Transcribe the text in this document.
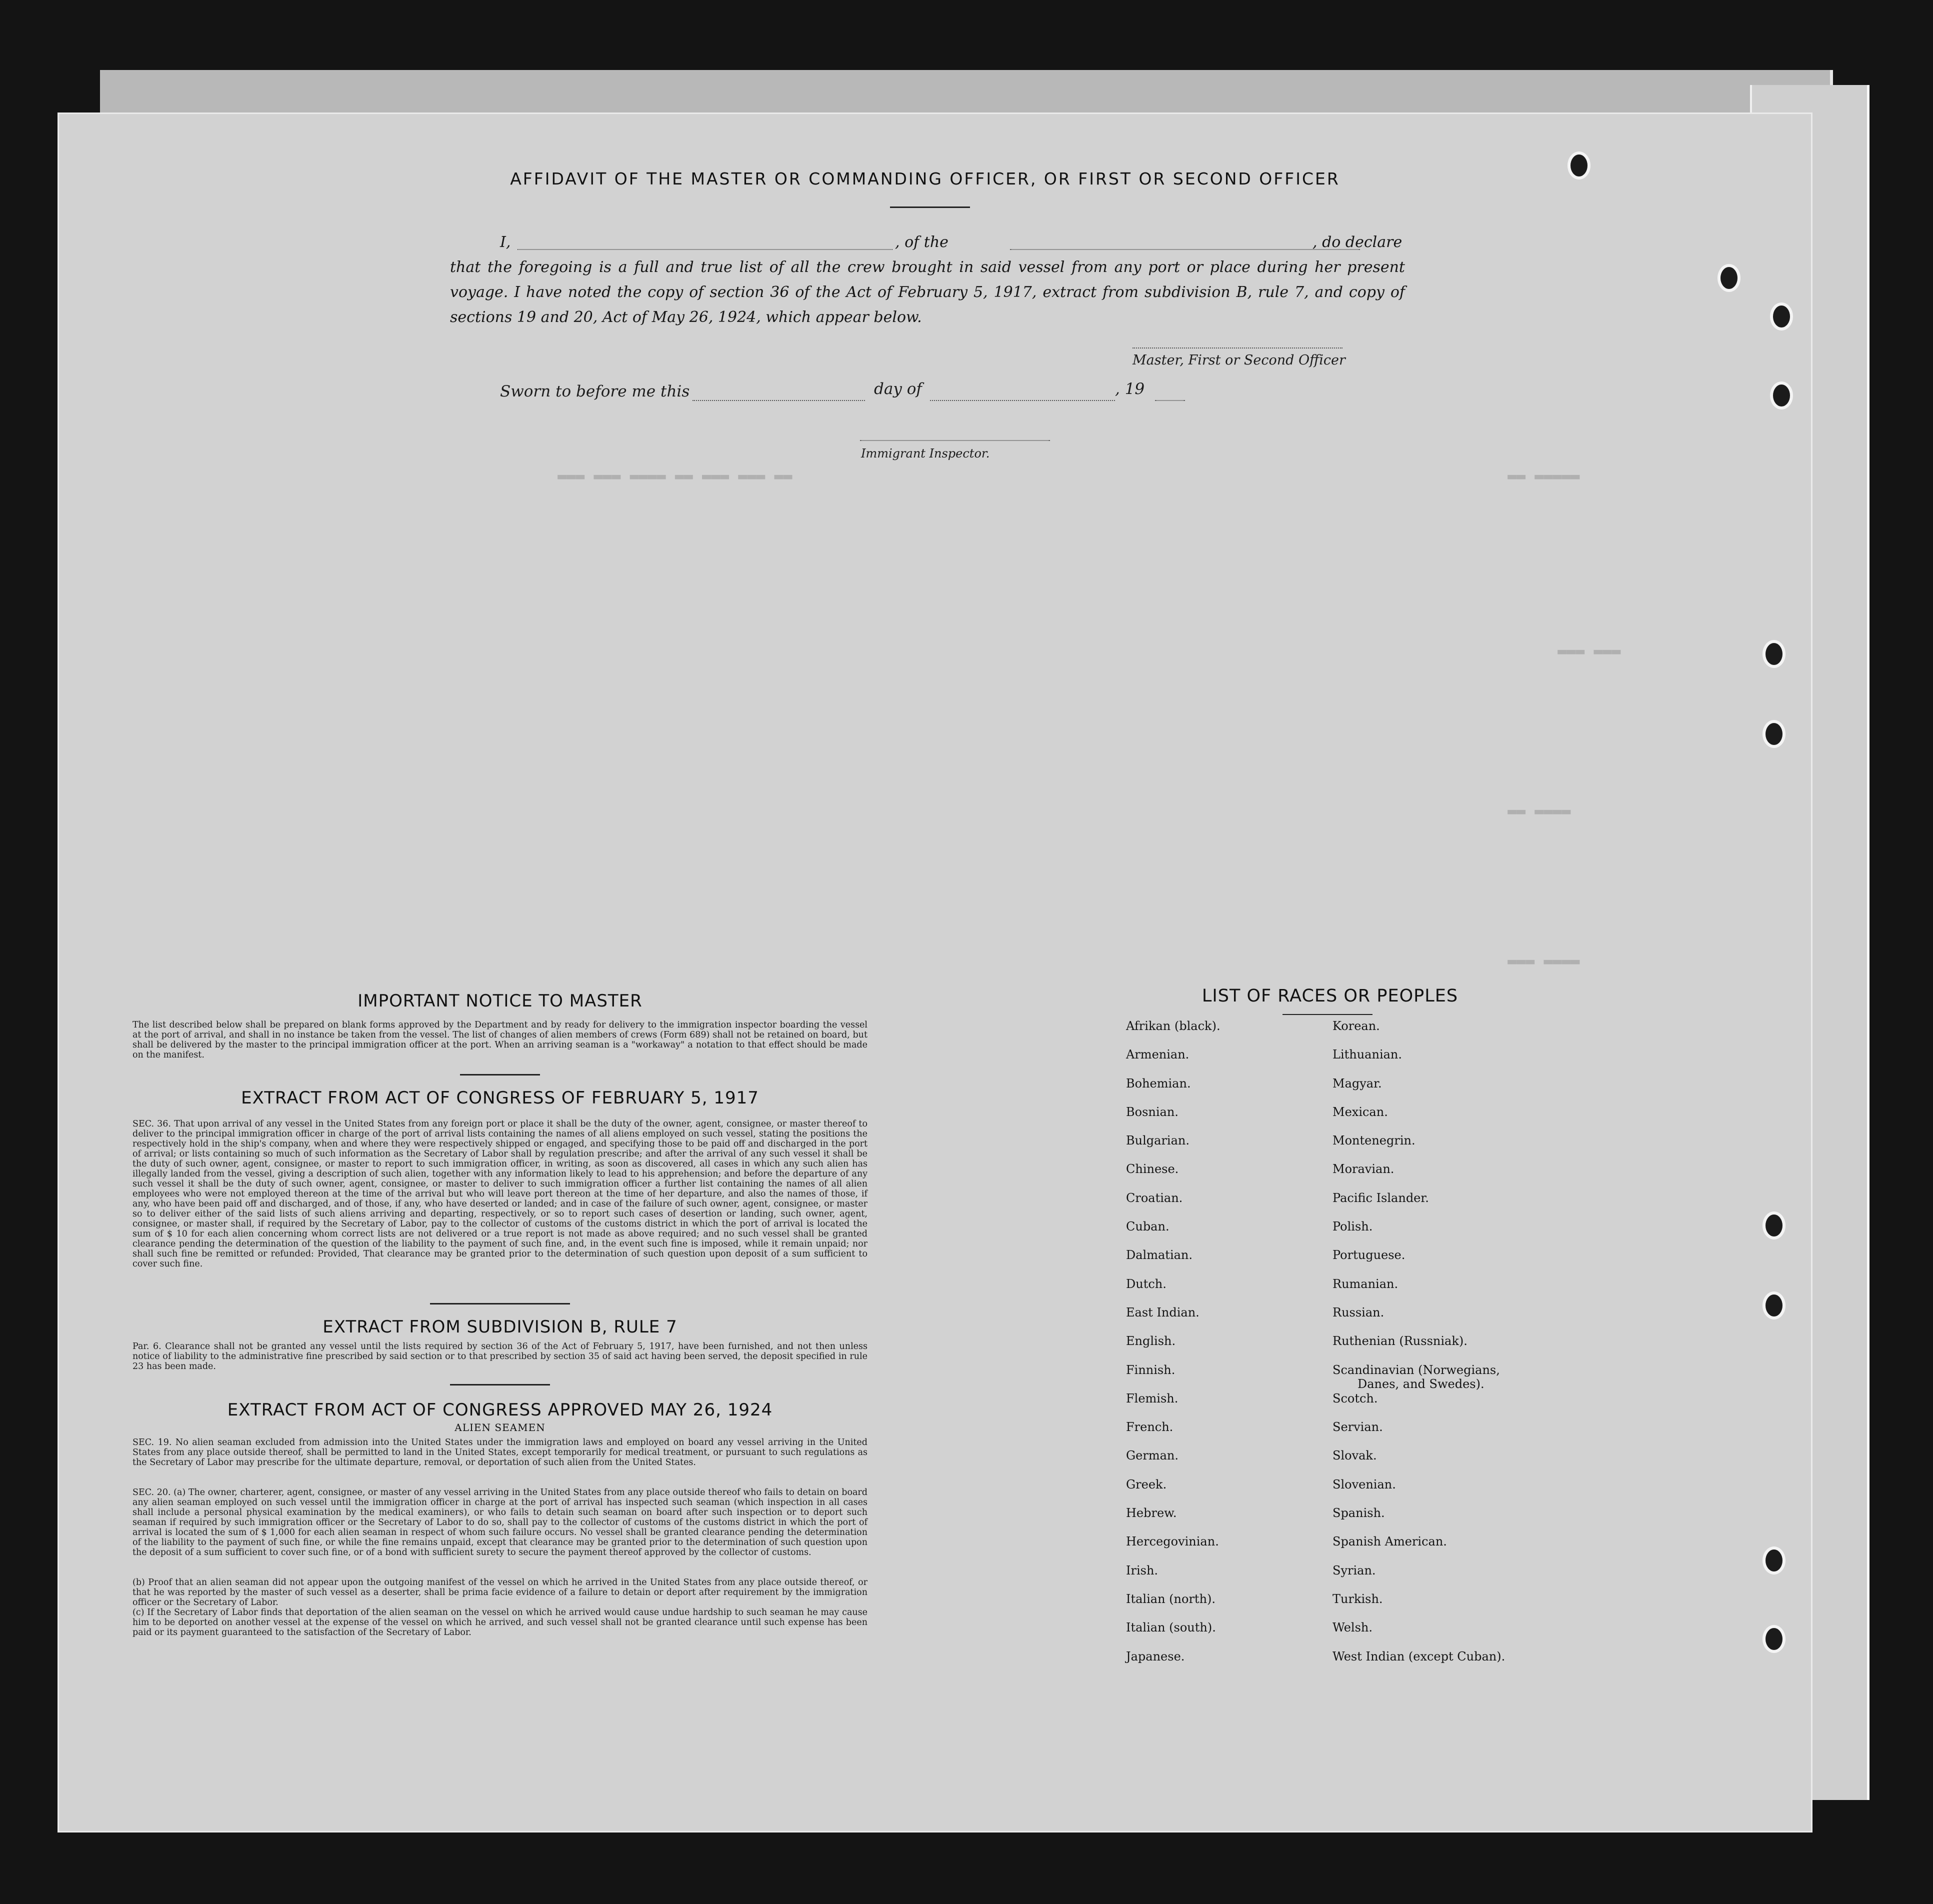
▬▬ ▬▬▬ ▬▬▬ ▬▬ ▬▬▬▬ ▬▬▬ ▬▬▬	▬▬▬▬▬ ▬▬
▬▬▬ ▬▬▬
▬▬▬▬ ▬▬
▬▬▬▬ ▬▬▬
AFFIDAVIT OF THE MASTER OR COMMANDING OFFICER, OR FIRST OR SECOND OFFICER
I,	, of the	, do declare
that the foregoing is a full and true list of all the crew brought in said vessel from any port or place during her present voyage. I have noted the copy of section 36 of the Act of February 5, 1917, extract from subdivision B, rule 7, and copy of sections 19 and 20, Act of May 26, 1924, which appear below.
Master, First or Second Officer
Sworn to before me this	day of	, 19
Immigrant Inspector.
IMPORTANT NOTICE TO MASTER
The list described below shall be prepared on blank forms approved by the Department and by ready for delivery to the immigration inspector boarding the vessel at the port of arrival, and shall in no instance be taken from the vessel. The list of changes of alien members of crews (Form 689) shall not be retained on board, but shall be delivered by the master to the principal immigration officer at the port. When an arriving seaman is a "workaway" a notation to that effect should be made on the manifest.
EXTRACT FROM ACT OF CONGRESS OF FEBRUARY 5, 1917
SEC. 36. That upon arrival of any vessel in the United States from any foreign port or place it shall be the duty of the owner, agent, consignee, or master thereof to deliver to the principal immigration officer in charge of the port of arrival lists containing the names of all aliens employed on such vessel, stating the positions the respectively hold in the ship's company, when and where they were respectively shipped or engaged, and specifying those to be paid off and discharged in the port of arrival; or lists containing so much of such information as the Secretary of Labor shall by regulation prescribe; and after the arrival of any such vessel it shall be the duty of such owner, agent, consignee, or master to report to such immigration officer, in writing, as soon as discovered, all cases in which any such alien has illegally landed from the vessel, giving a description of such alien, together with any information likely to lead to his apprehension; and before the departure of any such vessel it shall be the duty of such owner, agent, consignee, or master to deliver to such immigration officer a further list containing the names of all alien employees who were not employed thereon at the time of the arrival but who will leave port thereon at the time of her departure, and also the names of those, if any, who have been paid off and discharged, and of those, if any, who have deserted or landed; and in case of the failure of such owner, agent, consignee, or master so to deliver either of the said lists of such aliens arriving and departing, respectively, or so to report such cases of desertion or landing, such owner, agent, consignee, or master shall, if required by the Secretary of Labor, pay to the collector of customs of the customs district in which the port of arrival is located the sum of $ 10 for each alien concerning whom correct lists are not delivered or a true report is not made as above required; and no such vessel shall be granted clearance pending the determination of the question of the liability to the payment of such fine, and, in the event such fine is imposed, while it remain unpaid; nor shall such fine be remitted or refunded: Provided, That clearance may be granted prior to the determination of such question upon deposit of a sum sufficient to cover such fine.
EXTRACT FROM SUBDIVISION B, RULE 7
Par. 6. Clearance shall not be granted any vessel until the lists required by section 36 of the Act of February 5, 1917, have been furnished, and not then unless notice of liability to the administrative fine prescribed by said section or to that prescribed by section 35 of said act having been served, the deposit specified in rule 23 has been made.
EXTRACT FROM ACT OF CONGRESS APPROVED MAY 26, 1924
ALIEN SEAMEN
SEC. 19. No alien seaman excluded from admission into the United States under the immigration laws and employed on board any vessel arriving in the United States from any place outside thereof, shall be permitted to land in the United States, except temporarily for medical treatment, or pursuant to such regulations as the Secretary of Labor may prescribe for the ultimate departure, removal, or deportation of such alien from the United States.
SEC. 20. (a) The owner, charterer, agent, consignee, or master of any vessel arriving in the United States from any place outside thereof who fails to detain on board any alien seaman employed on such vessel until the immigration officer in charge at the port of arrival has inspected such seaman (which inspection in all cases shall include a personal physical examination by the medical examiners), or who fails to detain such seaman on board after such inspection or to deport such seaman if required by such immigration officer or the Secretary of Labor to do so, shall pay to the collector of customs of the customs district in which the port of arrival is located the sum of $ 1,000 for each alien seaman in respect of whom such failure occurs. No vessel shall be granted clearance pending the determination of the liability to the payment of such fine, or while the fine remains unpaid, except that clearance may be granted prior to the determination of such question upon the deposit of a sum sufficient to cover such fine, or of a bond with sufficient surety to secure the payment thereof approved by the collector of customs.
(b) Proof that an alien seaman did not appear upon the outgoing manifest of the vessel on which he arrived in the United States from any place outside thereof, or that he was reported by the master of such vessel as a deserter, shall be prima facie evidence of a failure to detain or deport after requirement by the immigration officer or the Secretary of Labor.
(c) If the Secretary of Labor finds that deportation of the alien seaman on the vessel on which he arrived would cause undue hardship to such seaman he may cause him to be deported on another vessel at the expense of the vessel on which he arrived, and such vessel shall not be granted clearance until such expense has been paid or its payment guaranteed to the satisfaction of the Secretary of Labor.
LIST OF RACES OR PEOPLES
Afrikan (black).
Armenian.
Bohemian.
Bosnian.
Bulgarian.
Chinese.
Croatian.
Cuban.
Dalmatian.
Dutch.
East Indian.
English.
Finnish.
Flemish.
French.
German.
Greek.
Hebrew.
Hercegovinian.
Irish.
Italian (north).
Italian (south).
Japanese.
Korean.
Lithuanian.
Magyar.
Mexican.
Montenegrin.
Moravian.
Pacific Islander.
Polish.
Portuguese.
Rumanian.
Russian.
Ruthenian (Russniak).
Scandinavian (Norwegians,
Danes, and Swedes).
Scotch.
Servian.
Slovak.
Slovenian.
Spanish.
Spanish American.
Syrian.
Turkish.
Welsh.
West Indian (except Cuban).
